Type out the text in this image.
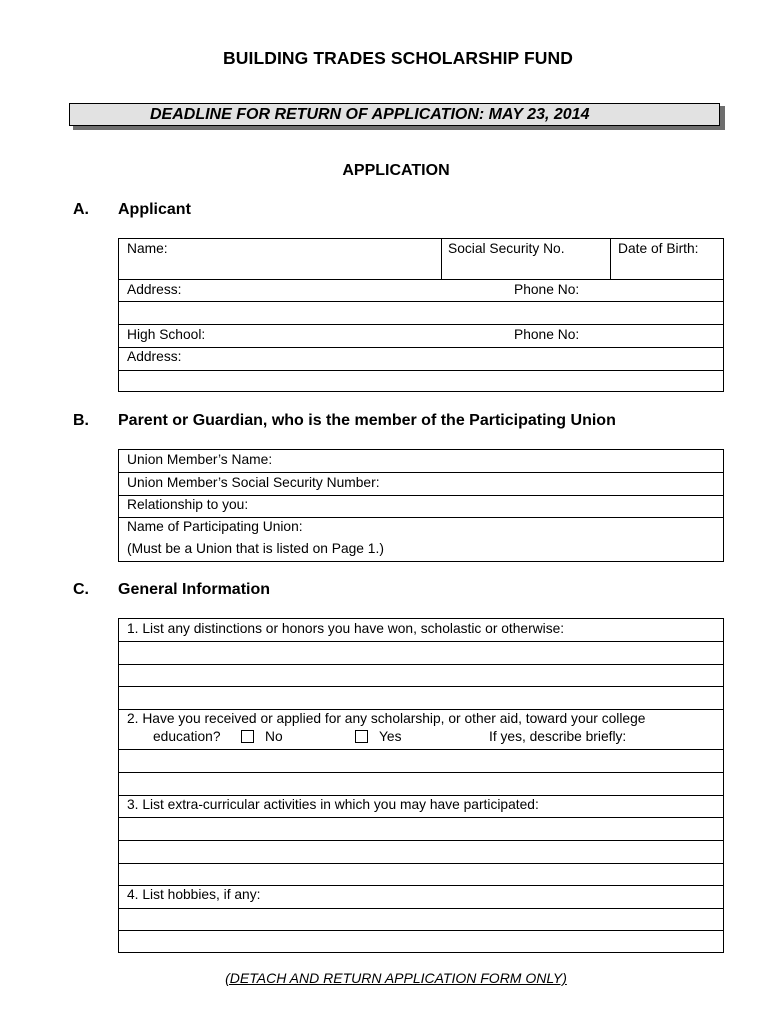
BUILDING TRADES SCHOLARSHIP FUND
DEADLINE FOR RETURN OF APPLICATION: MAY 23, 2014
APPLICATION
A. Applicant
Name:	Social Security No.	Date of Birth:
Address:	Phone No:
High School:	Phone No:
Address:
B. Parent or Guardian, who is the member of the Participating Union
Union Member’s Name:
Union Member’s Social Security Number:
Relationship to you:
Name of Participating Union:
(Must be a Union that is listed on Page 1.)
C. General Information
1. List any distinctions or honors you have won, scholastic or otherwise:
2. Have you received or applied for any scholarship, or other aid, toward your college
education?	No	Yes	If yes, describe briefly:
3. List extra-curricular activities in which you may have participated:
4. List hobbies, if any:
(DETACH AND RETURN APPLICATION FORM ONLY)
